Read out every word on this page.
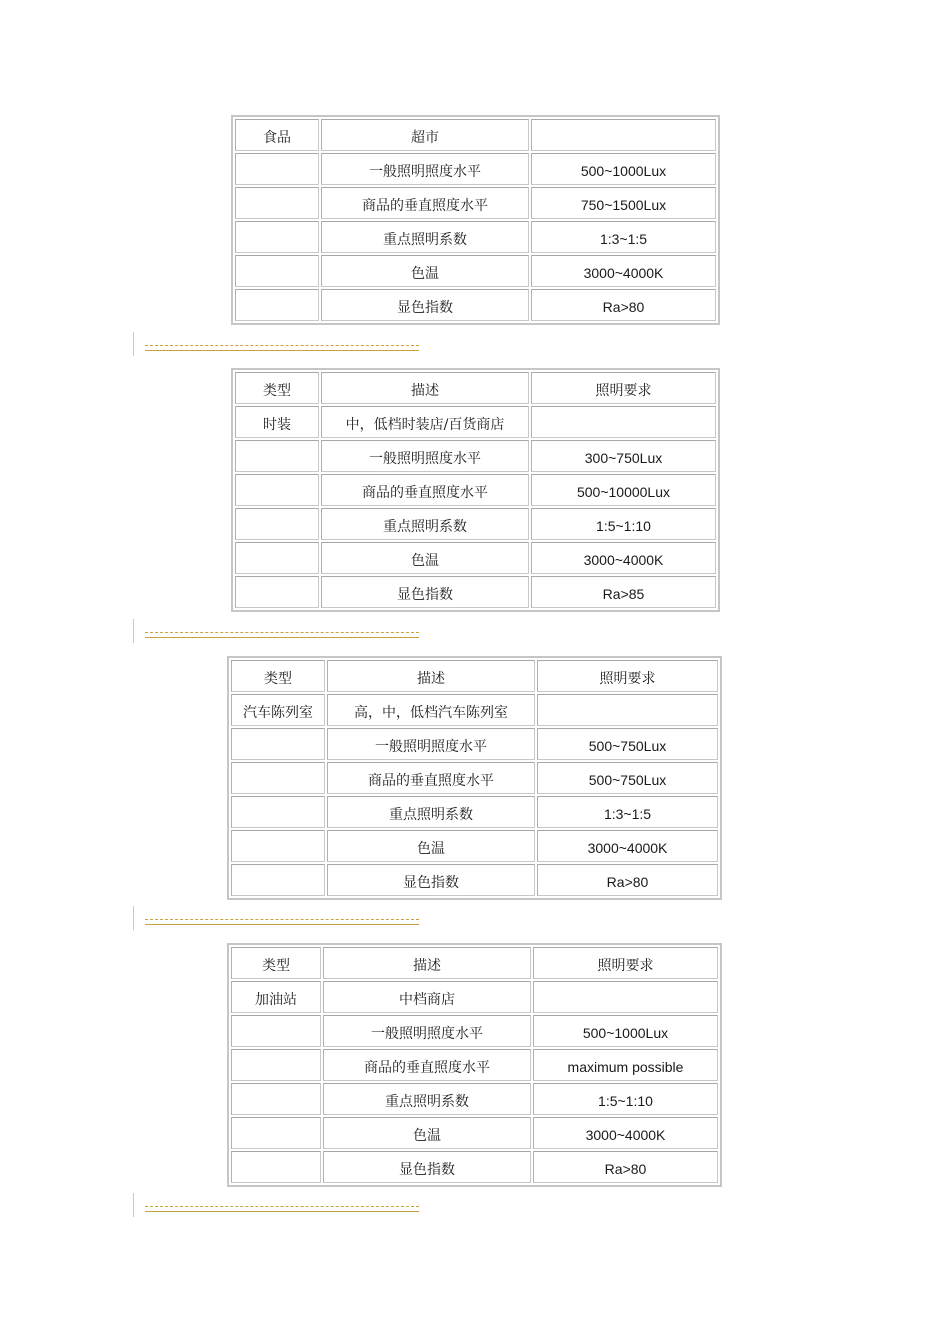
食品	超市	
	一般照明照度水平	500~1000Lux
	商品的垂直照度水平	750~1500Lux
	重点照明系数	1:3~1:5
	色温	3000~4000K
	显色指数	Ra>80
类型	描述	照明要求
时装	中，低档时装店/百货商店	
	一般照明照度水平	300~750Lux
	商品的垂直照度水平	500~10000Lux
	重点照明系数	1:5~1:10
	色温	3000~4000K
	显色指数	Ra>85
类型	描述	照明要求
汽车陈列室	高，中，低档汽车陈列室	
	一般照明照度水平	500~750Lux
	商品的垂直照度水平	500~750Lux
	重点照明系数	1:3~1:5
	色温	3000~4000K
	显色指数	Ra>80
类型	描述	照明要求
加油站	中档商店	
	一般照明照度水平	500~1000Lux
	商品的垂直照度水平	maximum possible
	重点照明系数	1:5~1:10
	色温	3000~4000K
	显色指数	Ra>80
